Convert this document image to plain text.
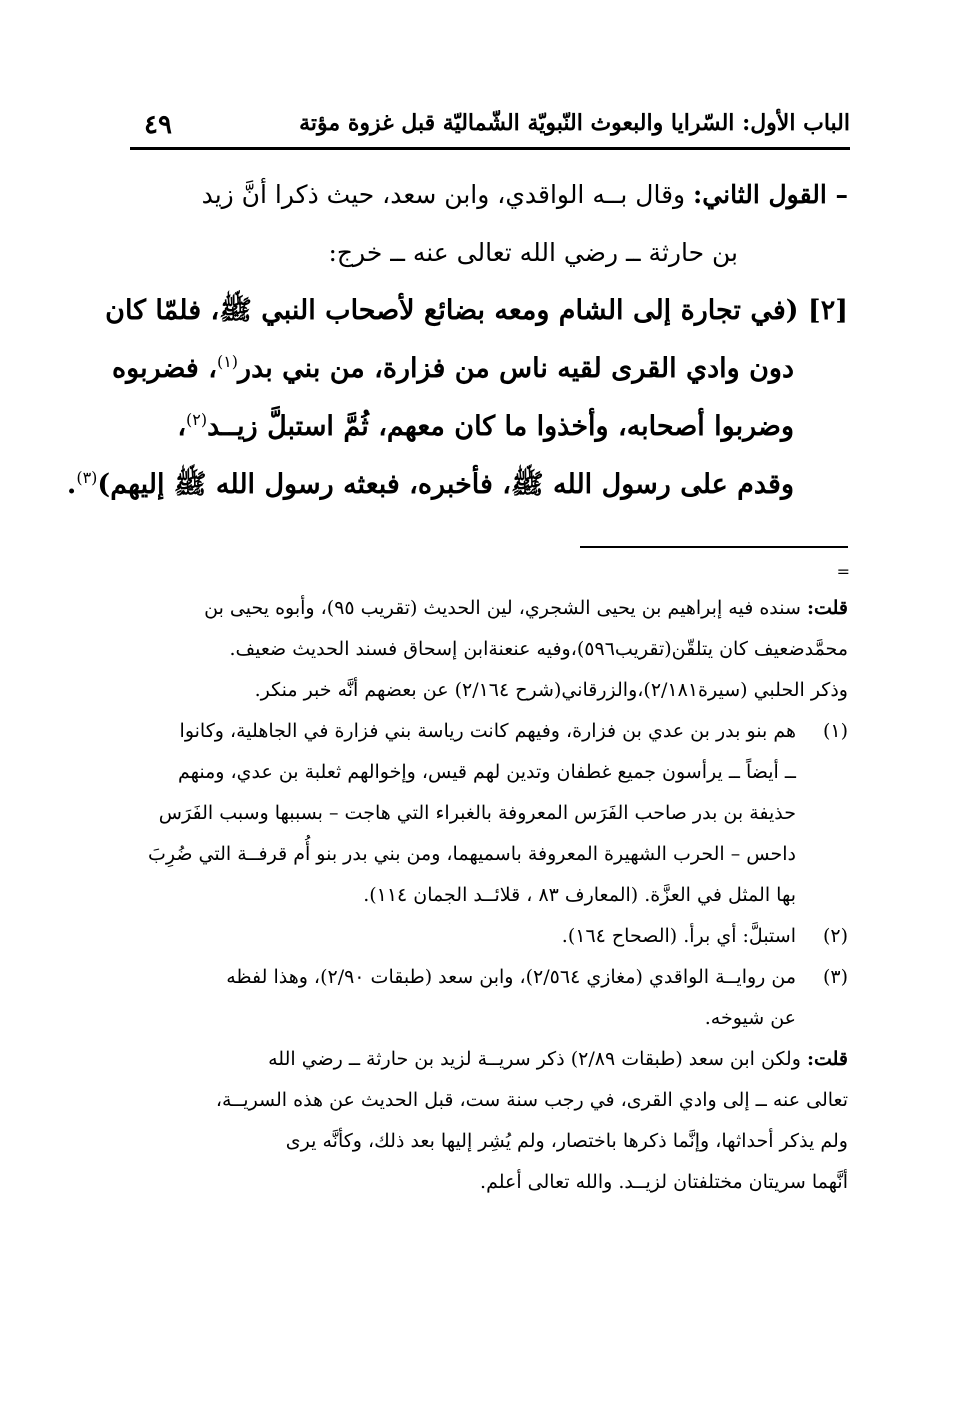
٤٩	الباب الأول: السّرايا والبعوث النّبويّة الشّماليّة قبل غزوة مؤتة

– القول الثاني: وقال بــه الواقدي، وابن سعد، حيث ذكرا أنَّ زيد
بن حارثة ــ رضي الله تعالى عنه ــ خرج:

[٢] (في تجارة إلى الشام ومعه بضائع لأصحاب النبي ﷺ، فلمّا كان
دون وادي القرى لقيه ناس من فزارة، من بني بدر$^{(١)}$، فضربوه
وضربوا أصحابه، وأخذوا ما كان معهم، ثُمَّ استبلَّ زيــد$^{(٢)}$،
وقدم على رسول الله ﷺ، فأخبره، فبعثه رسول الله ﷺ إليهم)$^{(٣)}$.

=

قلت: سنده فيه إبراهيم بن يحيى الشجري، لين الحديث (تقريب ٩٥)، وأبوه يحيى بن
محمَّدضعيف كان يتلقّن(تقريب٥٩٦)،وفيه عنعنةابن إسحاق فسند الحديث ضعيف.
وذكر الحلبي (سيرة٢/١٨١)،والزرقاني(شرح ٢/١٦٤) عن بعضهم أنَّه خبر منكر.

(١)
هم بنو بدر بن عدي بن فزارة، وفيهم كانت رياسة بني فزارة في الجاهلية، وكانوا
ــ أيضاً ــ يرأسون جميع غطفان وتدين لهم قيس، وإخوالهم ثعلبة بن عدي، ومنهم
حذيفة بن بدر صاحب الفَرَس المعروفة بالغبراء التي هاجت – بسببها وسبب الفَرَس
داحس – الحرب الشهيرة المعروفة باسميهما، ومن بني بدر بنو أُم قرفــة التي ضُرِبَ
بها المثل في العزَّة. (المعارف ٨٣ ، قلائــد الجمان ١١٤).
(٢)
استبلَّ: أي برأ. (الصحاح ١٦٤).
(٣)
من روايــة الواقدي (مغازي ٢/٥٦٤)، وابن سعد (طبقات ٢/٩٠)، وهذا لفظه
عن شيوخه.

قلت: ولكن ابن سعد (طبقات ٢/٨٩) ذكر سريــة لزيد بن حارثة ــ رضي الله
تعالى عنه ــ إلى وادي القرى، في رجب سنة ست، قبل الحديث عن هذه السريــة،
ولم يذكر أحداثها، وإنَّما ذكرها باختصار، ولم يُشِر إليها بعد ذلك، وكأنَّه يرى
أنَّهما سريتان مختلفتان لزيــد. والله تعالى أعلم.
